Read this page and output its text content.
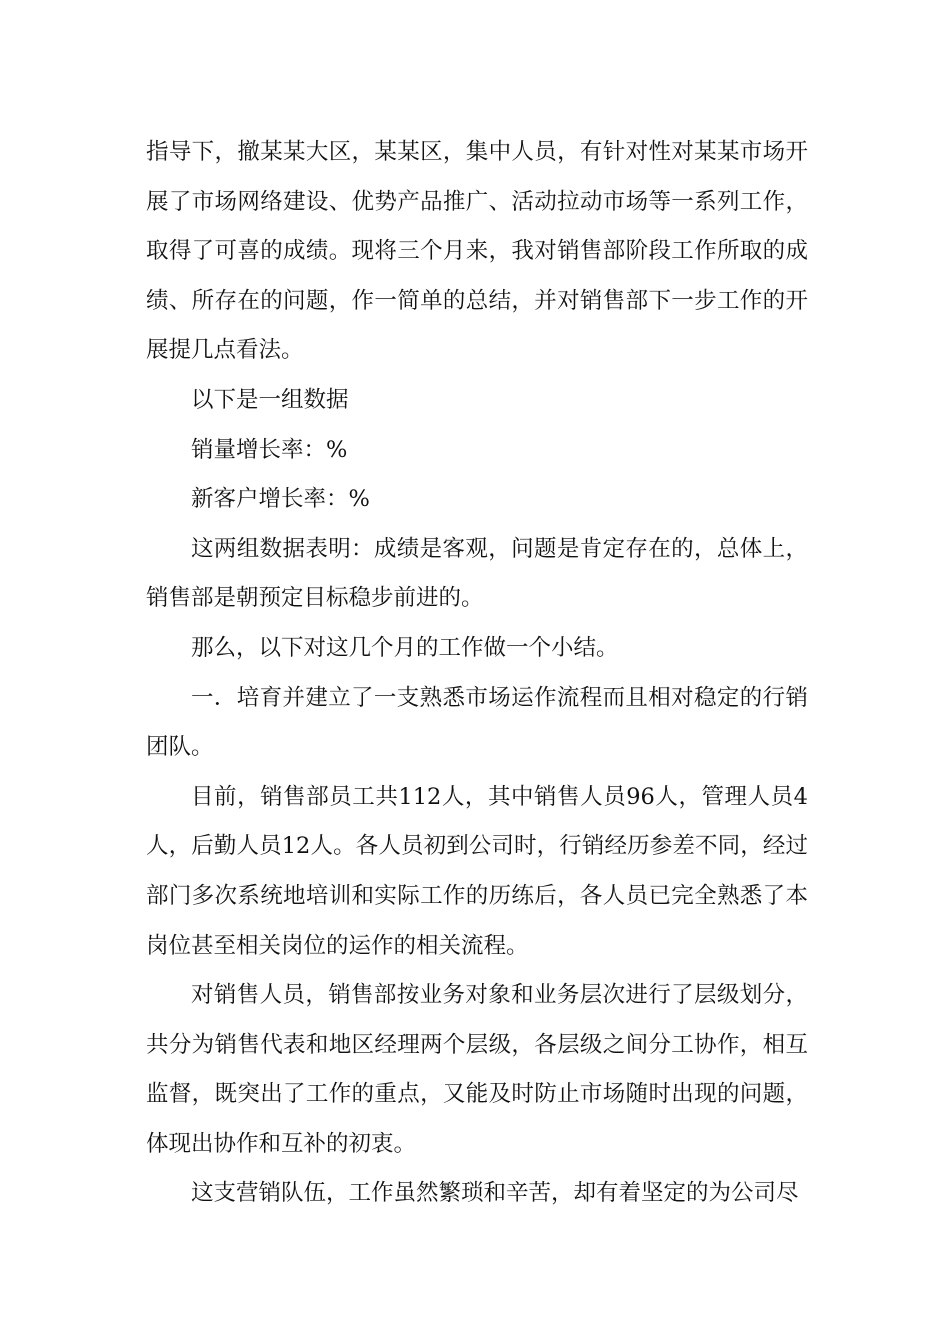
指导下，撤某某大区，某某区，集中人员，有针对性对某某市场开展了市场网络建设、优势产品推广、活动拉动市场等一系列工作，取得了可喜的成绩。现将三个月来，我对销售部阶段工作所取的成绩、所存在的问题，作一简单的总结，并对销售部下一步工作的开展提几点看法。

以下是一组数据

销量增长率：%

新客户增长率：%

这两组数据表明：成绩是客观，问题是肯定存在的，总体上，销售部是朝预定目标稳步前进的。

那么，以下对这几个月的工作做一个小结。

一．培育并建立了一支熟悉市场运作流程而且相对稳定的行销团队。

目前，销售部员工共112人，其中销售人员96人，管理人员4人，后勤人员12人。各人员初到公司时，行销经历参差不同，经过部门多次系统地培训和实际工作的历练后，各人员已完全熟悉了本岗位甚至相关岗位的运作的相关流程。

对销售人员，销售部按业务对象和业务层次进行了层级划分，共分为销售代表和地区经理两个层级，各层级之间分工协作，相互监督，既突出了工作的重点，又能及时防止市场随时出现的问题，体现出协作和互补的初衷。

这支营销队伍，工作虽然繁琐和辛苦，却有着坚定的为公司尽
